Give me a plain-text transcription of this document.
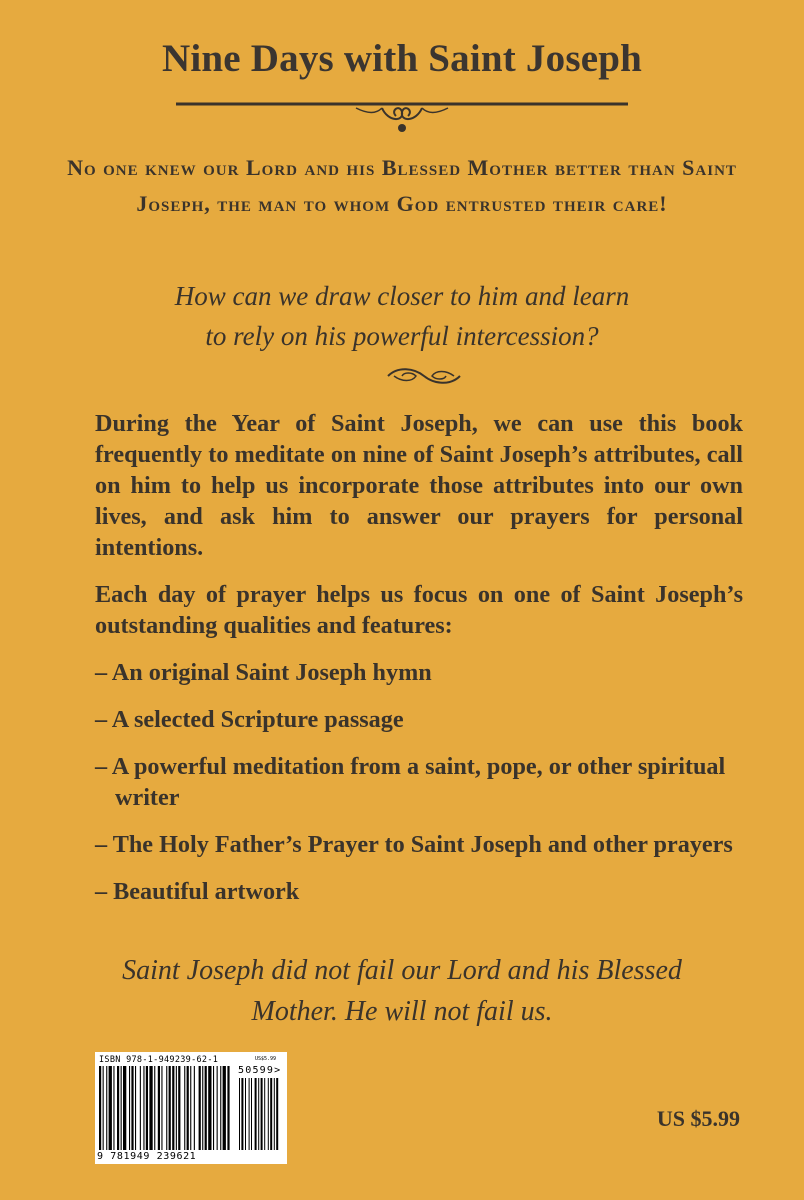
Nine Days with Saint Joseph
No one knew our Lord and his Blessed Mother better than Saint Joseph, the man to whom God entrusted their care!
How can we draw closer to him and learn
to rely on his powerful intercession?

During the Year of Saint Joseph, we can use this book frequently to meditate on nine of Saint Joseph’s attributes, call on him to help us incorporate those attributes into our own lives, and ask him to answer our prayers for personal intentions.

Each day of prayer helps us focus on one of Saint Joseph’s outstanding qualities and features:

– An original Saint Joseph hymn
– A selected Scripture passage
– A powerful meditation from a saint, pope, or other spiritual writer
– The Holy Father’s Prayer to Saint Joseph and other prayers
– Beautiful artwork
Saint Joseph did not fail our Lord and his Blessed
Mother. He will not fail us.
ISBN 978-1-949239-62-1	US$5.99
50599>
9 781949 239621
US $5.99
